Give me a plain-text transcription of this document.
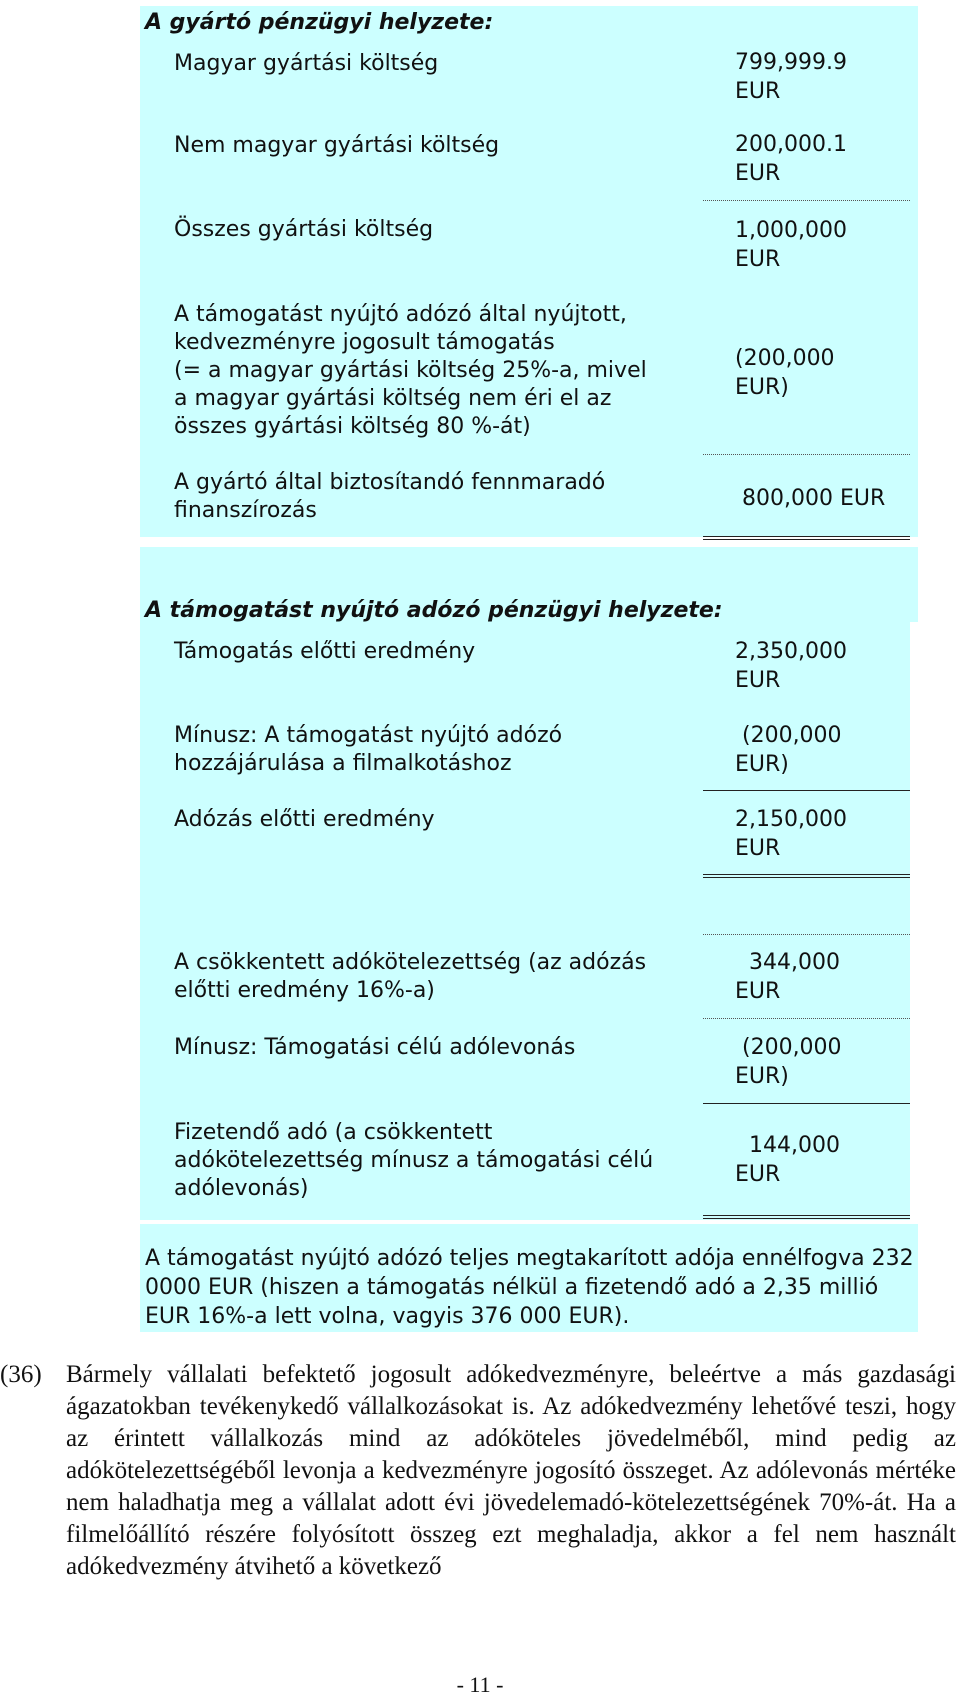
A gyártó pénzügyi helyzete:
Magyar gyártási költség	799,999.9
EUR
Nem magyar gyártási költség	200,000.1
EUR
Összes gyártási költség	1,000,000
EUR
A támogatást nyújtó adózó által nyújtott,
kedvezményre jogosult támogatás
(= a magyar gyártási költség 25%-a, mivel
a magyar gyártási költség nem éri el az
összes gyártási költség 80 %-át)
(200,000
EUR)
A gyártó által biztosítandó fennmaradó
finanszírozás	800,000 EUR
A támogatást nyújtó adózó pénzügyi helyzete:
Támogatás előtti eredmény	2,350,000
EUR
Mínusz: A támogatást nyújtó adózó
hozzájárulása a filmalkotáshoz
(200,000
EUR)
Adózás előtti eredmény	2,150,000
EUR
A csökkentett adókötelezettség (az adózás
előtti eredmény 16%-a)
344,000
EUR
Mínusz: Támogatási célú adólevonás	(200,000
EUR)
Fizetendő adó (a csökkentett
adókötelezettség mínusz a támogatási célú
adólevonás)
144,000
EUR
A támogatást nyújtó adózó teljes megtakarított adója ennélfogva 232 0000 EUR (hiszen a támogatás nélkül a fizetendő adó a 2,35 millió EUR 16%-a lett volna, vagyis 376 000 EUR).
(36) Bármely vállalati befektető jogosult adókedvezményre, beleértve a más gazdasági ágazatokban tevékenykedő vállalkozásokat is. Az adókedvezmény lehetővé teszi, hogy az érintett vállalkozás mind az adóköteles jövedelméből, mind pedig az adókötelezettségéből levonja a kedvezményre jogosító összeget. Az adólevonás mértéke nem haladhatja meg a vállalat adott évi jövedelemadó-kötelezettségének 70%-át. Ha a filmelőállító részére folyósított összeg ezt meghaladja, akkor a fel nem használt adókedvezmény átvihető a következő
- 11 -
